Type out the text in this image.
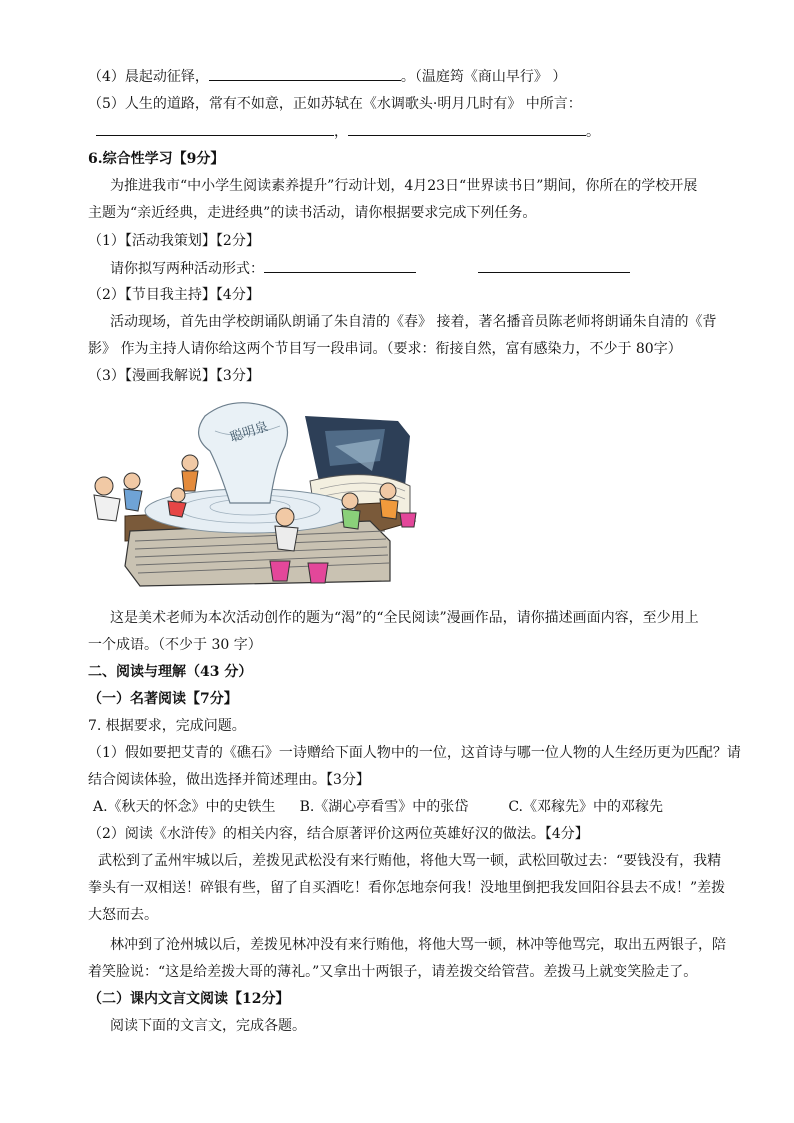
（4）晨起动征铎，	。（温庭筠《商山早行》 ）
（5）人生的道路，常有不如意，正如苏轼在《水调歌头·明月几时有》 中所言：
，	。
6.综合性学习【9分】
为推进我市“中小学生阅读素养提升”行动计划，4月23日“世界读书日”期间，你所在的学校开展
主题为“亲近经典，走进经典”的读书活动，请你根据要求完成下列任务。
（1）【活动我策划】【2分】
请你拟写两种活动形式：
（2）【节目我主持】【4分】
活动现场，首先由学校朗诵队朗诵了朱自清的《春》 接着，著名播音员陈老师将朗诵朱自清的《背
影》 作为主持人请你给这两个节目写一段串词。（要求：衔接自然，富有感染力，不少于 80字）
（3）【漫画我解说】【3分】
聪明泉
这是美术老师为本次活动创作的题为“渴”的“全民阅读”漫画作品，请你描述画面内容，至少用上
一个成语。（不少于 30 字）
二、阅读与理解（43 分）
（一）名著阅读【7分】
7. 根据要求，完成问题。
（1）假如要把艾青的《礁石》一诗赠给下面人物中的一位，这首诗与哪一位人物的人生经历更为匹配？请
结合阅读体验，做出选择并简述理由。【3分】
A.《秋天的怀念》中的史铁生 B.《湖心亭看雪》中的张岱	C.《邓稼先》中的邓稼先
（2）阅读《水浒传》的相关内容，结合原著评价这两位英雄好汉的做法。【4分】
武松到了孟州牢城以后，差拨见武松没有来行贿他，将他大骂一顿，武松回敬过去：“要钱没有，我精
拳头有一双相送！碎银有些，留了自买酒吃！看你怎地奈何我！没地里倒把我发回阳谷县去不成！”差拨
大怒而去。
林冲到了沧州城以后，差拨见林冲没有来行贿他，将他大骂一顿，林冲等他骂完，取出五两银子，陪
着笑脸说：“这是给差拨大哥的薄礼。”又拿出十两银子，请差拨交给管营。差拨马上就变笑脸走了。
（二）课内文言文阅读【12分】
阅读下面的文言文，完成各题。
